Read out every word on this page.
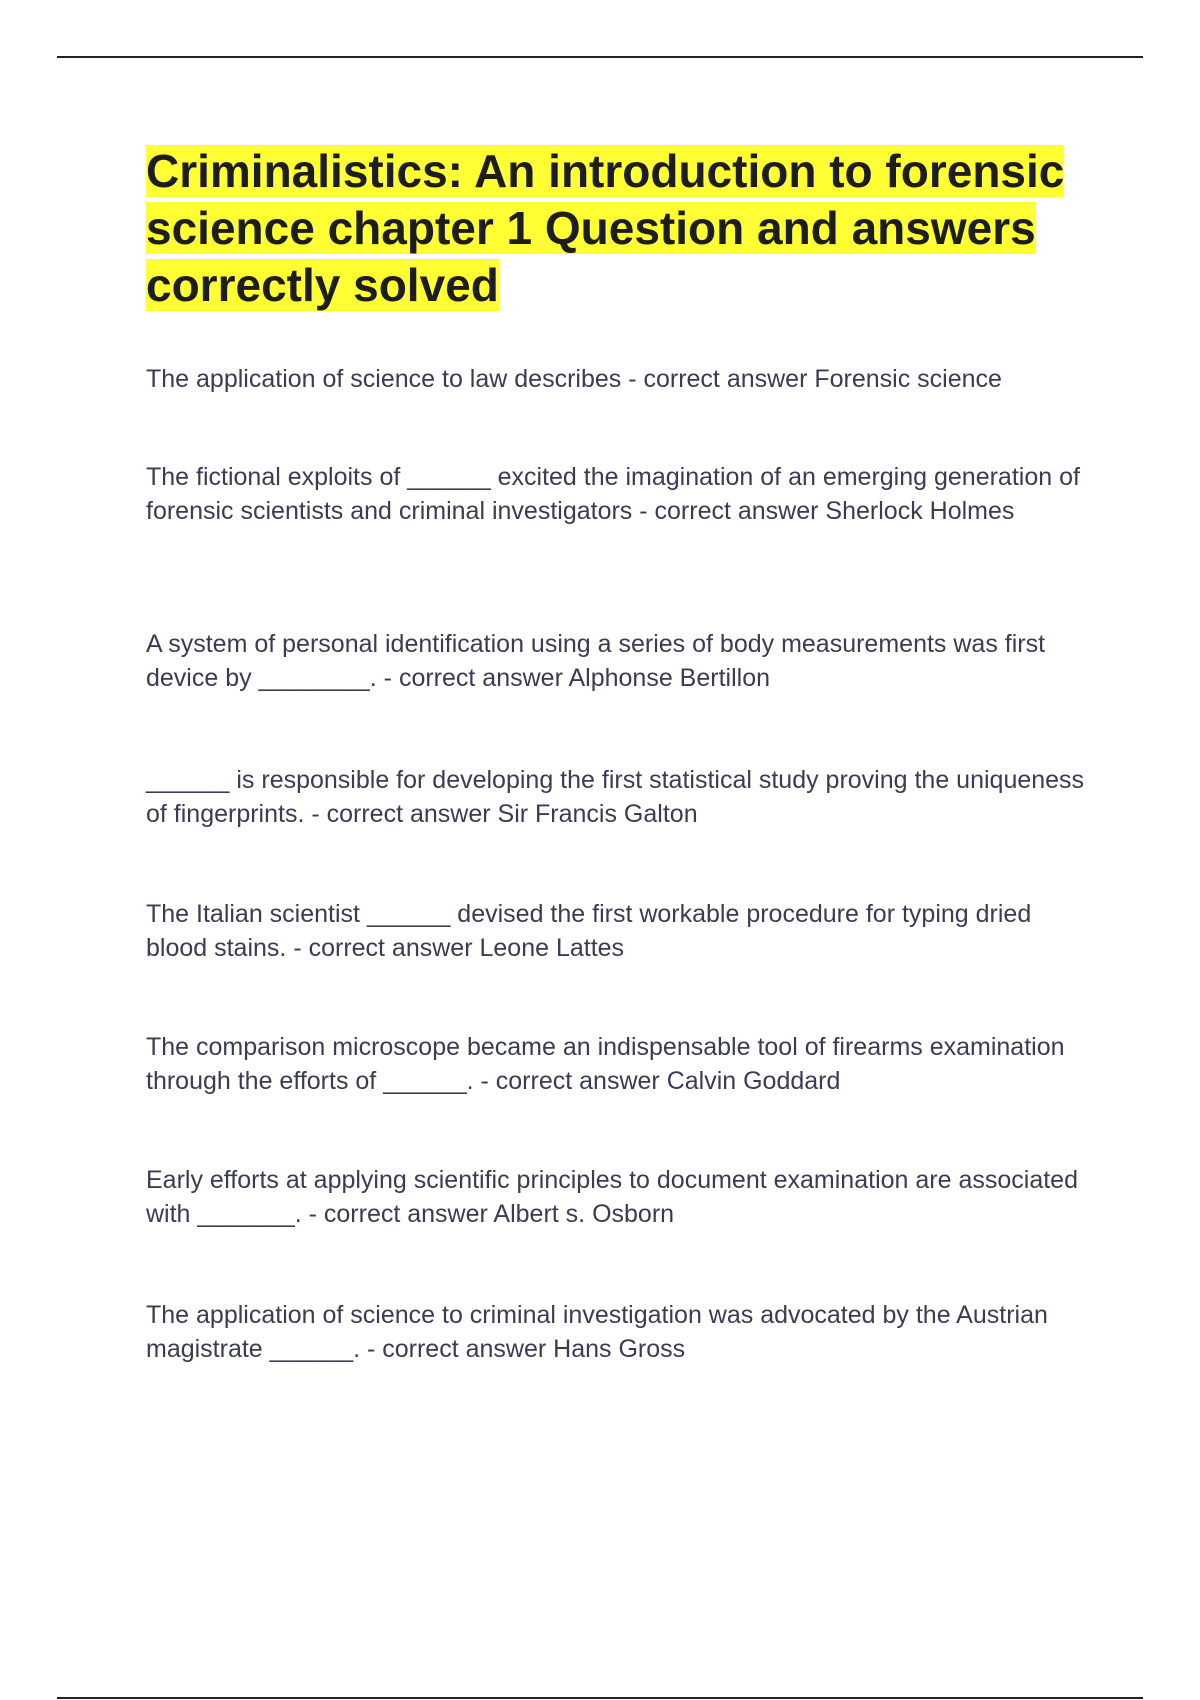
Criminalistics: An introduction to forensic science chapter 1 Question and answers correctly solved

The application of science to law describes - correct answer Forensic science

The fictional exploits of ______ excited the imagination of an emerging generation of forensic scientists and criminal investigators - correct answer Sherlock Holmes

A system of personal identification using a series of body measurements was first device by ________. - correct answer Alphonse Bertillon

______ is responsible for developing the first statistical study proving the uniqueness of fingerprints. - correct answer Sir Francis Galton

The Italian scientist ______ devised the first workable procedure for typing dried blood stains. - correct answer Leone Lattes

The comparison microscope became an indispensable tool of firearms examination through the efforts of ______. - correct answer Calvin Goddard

Early efforts at applying scientific principles to document examination are associated with _______. - correct answer Albert s. Osborn

The application of science to criminal investigation was advocated by the Austrian magistrate ______. - correct answer Hans Gross
